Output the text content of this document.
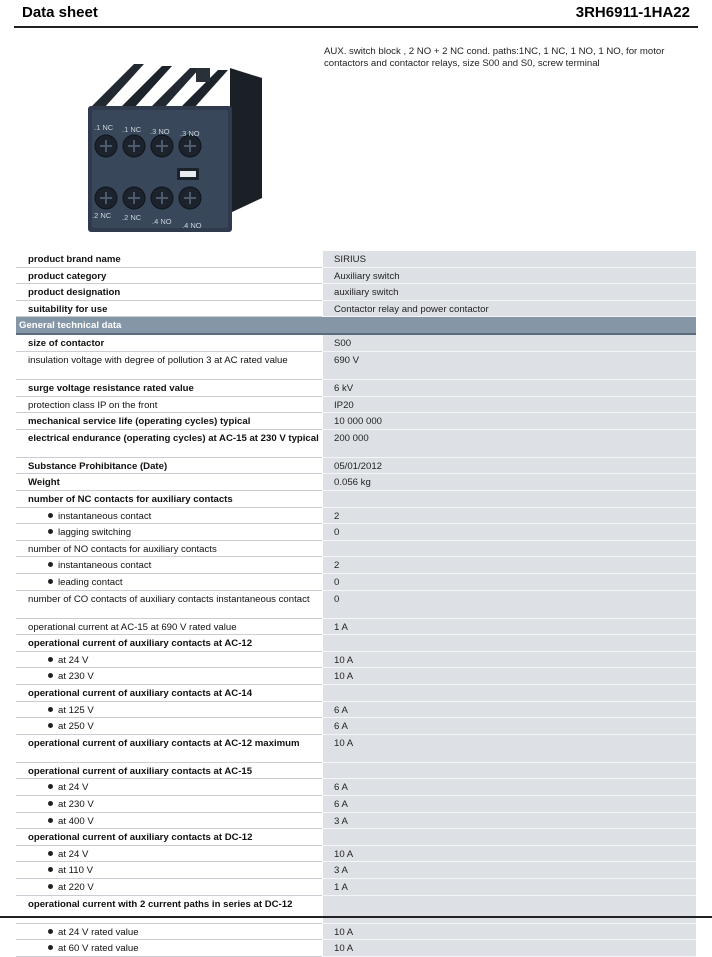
Data sheet	3RH6911-1HA22
.1 NC .1 NC .3 NO .3 NO
.2 NC .2 NC .4 NO .4 NO
AUX. switch block , 2 NO + 2 NC cond. paths:1NC, 1 NC, 1 NO, 1 NO, for motor contactors and contactor relays, size S00 and S0, screw terminal
product brand name	SIRIUS
product category	Auxiliary switch
product designation	auxiliary switch
suitability for use	Contactor relay and power contactor
General technical data
size of contactor	S00
insulation voltage with degree of pollution 3 at AC rated value	690 V
surge voltage resistance rated value	6 kV
protection class IP on the front	IP20
mechanical service life (operating cycles) typical	10 000 000
electrical endurance (operating cycles) at AC-15 at 230 V typical 200 000
Substance Prohibitance (Date)	05/01/2012
Weight	0.056 kg
number of NC contacts for auxiliary contacts
instantaneous contact	2
lagging switching	0
number of NO contacts for auxiliary contacts
instantaneous contact	2
leading contact	0
number of CO contacts of auxiliary contacts instantaneous contact	0
operational current at AC-15 at 690 V rated value	1 A
operational current of auxiliary contacts at AC-12
at 24 V	10 A
at 230 V	10 A
operational current of auxiliary contacts at AC-14
at 125 V	6 A
at 250 V	6 A
operational current of auxiliary contacts at AC-12 maximum	10 A
operational current of auxiliary contacts at AC-15
at 24 V	6 A
at 230 V	6 A
at 400 V	3 A
operational current of auxiliary contacts at DC-12
at 24 V	10 A
at 110 V	3 A
at 220 V	1 A
operational current with 2 current paths in series at DC-12
at 24 V rated value	10 A
at 60 V rated value	10 A
